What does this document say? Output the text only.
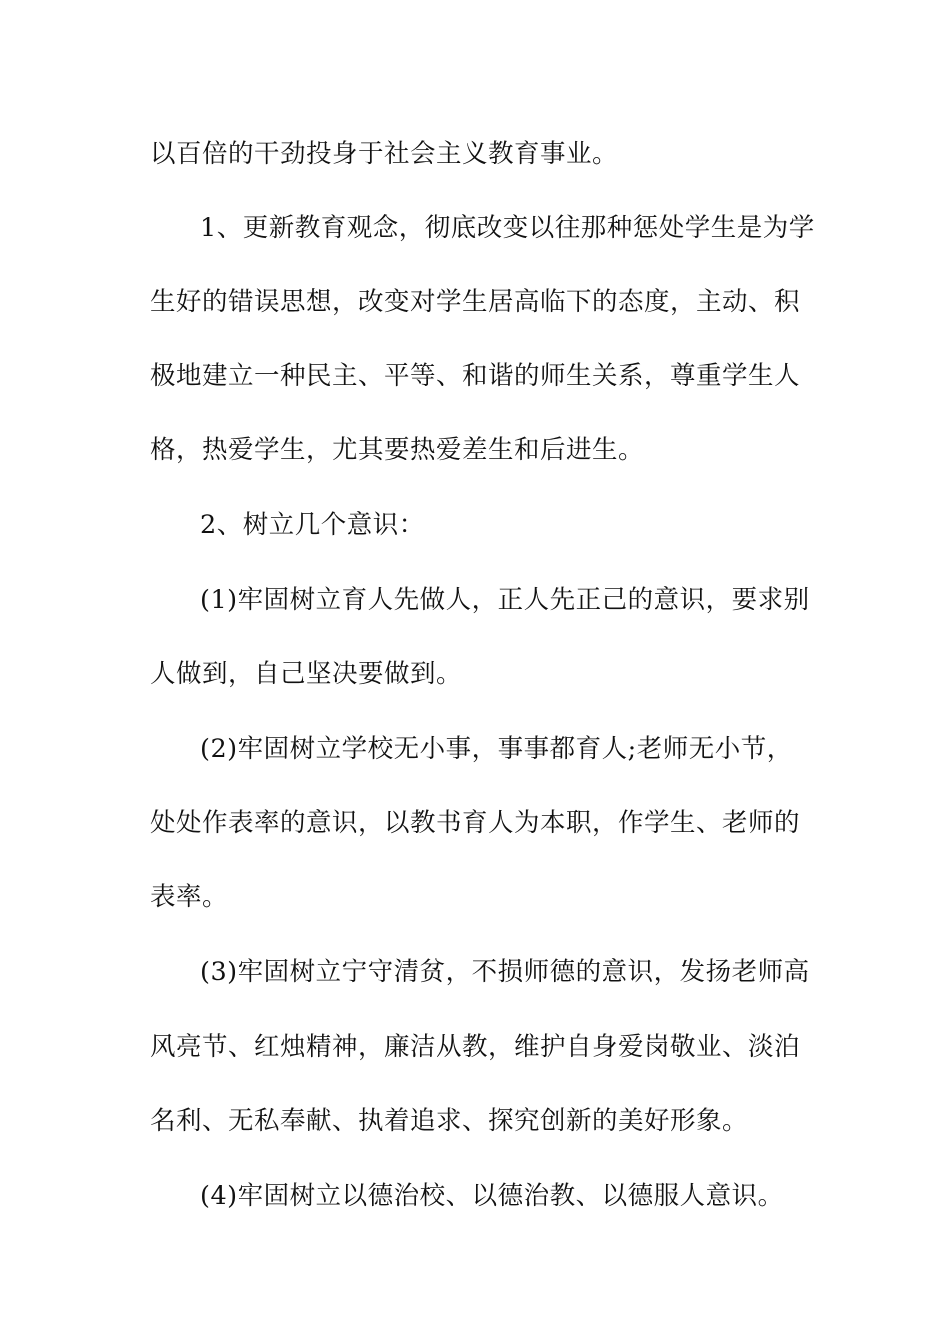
以百倍的干劲投身于社会主义教育事业。
1、更新教育观念，彻底改变以往那种惩处学生是为学
生好的错误思想，改变对学生居高临下的态度，主动、积
极地建立一种民主、平等、和谐的师生关系，尊重学生人
格，热爱学生，尤其要热爱差生和后进生。
2、树立几个意识：
(1)牢固树立育人先做人，正人先正己的意识，要求别
人做到，自己坚决要做到。
(2)牢固树立学校无小事，事事都育人;老师无小节，
处处作表率的意识，以教书育人为本职，作学生、老师的
表率。
(3)牢固树立宁守清贫，不损师德的意识，发扬老师高
风亮节、红烛精神，廉洁从教，维护自身爱岗敬业、淡泊
名利、无私奉献、执着追求、探究创新的美好形象。
(4)牢固树立以德治校、以德治教、以德服人意识。
